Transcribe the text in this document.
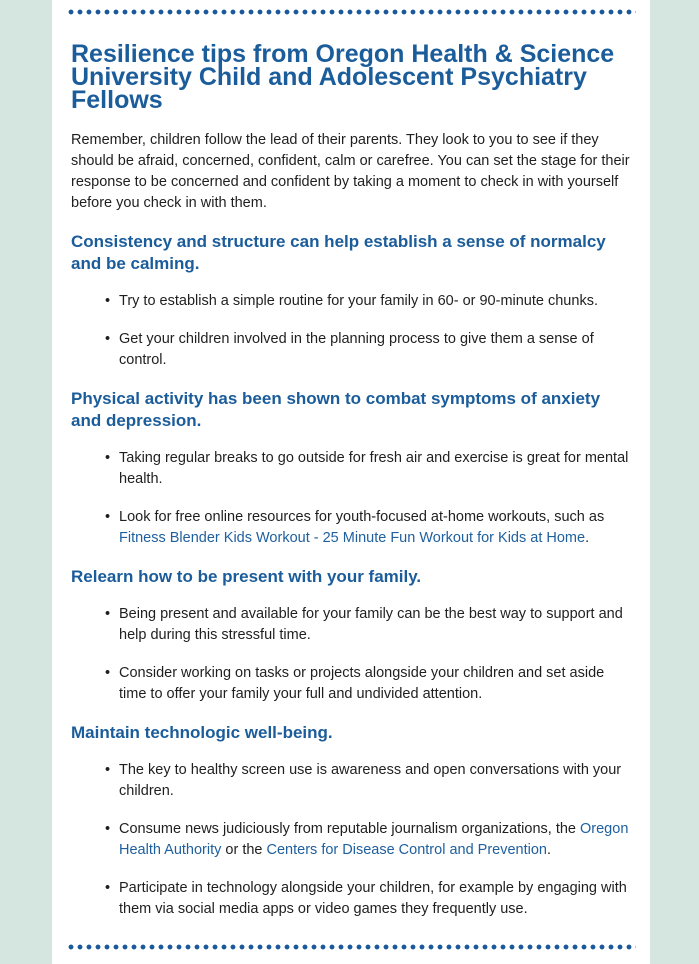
Resilience tips from Oregon Health & Science University Child and Adolescent Psychiatry Fellows

Remember, children follow the lead of their parents. They look to you to see if they should be afraid, concerned, confident, calm or carefree. You can set the stage for their response to be concerned and confident by taking a moment to check in with yourself before you check in with them.

Consistency and structure can help establish a sense of normalcy and be calming.
• Try to establish a simple routine for your family in 60- or 90-minute chunks.
• Get your children involved in the planning process to give them a sense of control.
Physical activity has been shown to combat symptoms of anxiety and depression.
• Taking regular breaks to go outside for fresh air and exercise is great for mental health.
• Look for free online resources for youth-focused at-home workouts, such as Fitness Blender Kids Workout - 25 Minute Fun Workout for Kids at Home.
Relearn how to be present with your family.
• Being present and available for your family can be the best way to support and help during this stressful time.
• Consider working on tasks or projects alongside your children and set aside time to offer your family your full and undivided attention.
Maintain technologic well-being.
• The key to healthy screen use is awareness and open conversations with your children.
• Consume news judiciously from reputable journalism organizations, the Oregon Health Authority or the Centers for Disease Control and Prevention.
• Participate in technology alongside your children, for example by engaging with them via social media apps or video games they frequently use.
